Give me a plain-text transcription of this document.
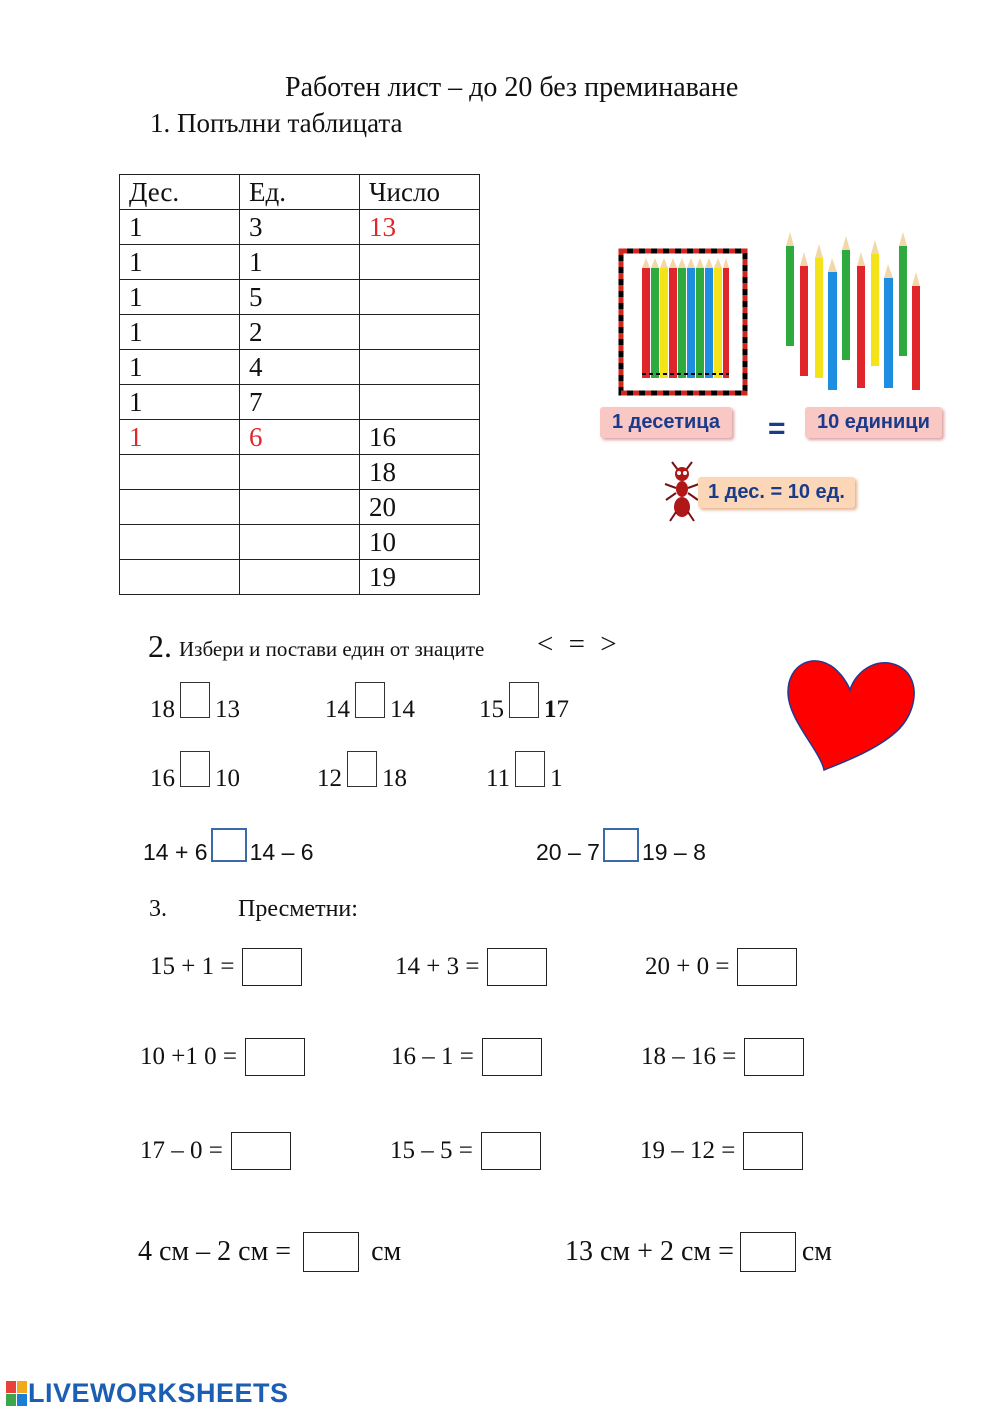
Работен лист – до 20 без преминаване
1. Попълни таблицата
Дес.	Ед.	Число
1	3	13
1	1	
1	5	
1	2	
1	4	
1	7	
1	6	16
		18
		20
		10
		19
1 десетица	=	10 единици
1 дес. = 10 ед.
2. Избери и постави един от знаците < = >
18 13	14 14	15 17
16 10	12 18	11 1
14 + 6 14 – 6	20 – 7 19 – 8
3.	Пресметни:
15 + 1 =	14 + 3 =	20 + 0 =
10 +1 0 =	16 – 1 =	18 – 16 =
17 – 0 =	15 – 5 =	19 – 12 =
4 см – 2 см =	см	13 см + 2 см = см
LIVEWORKSHEETS
